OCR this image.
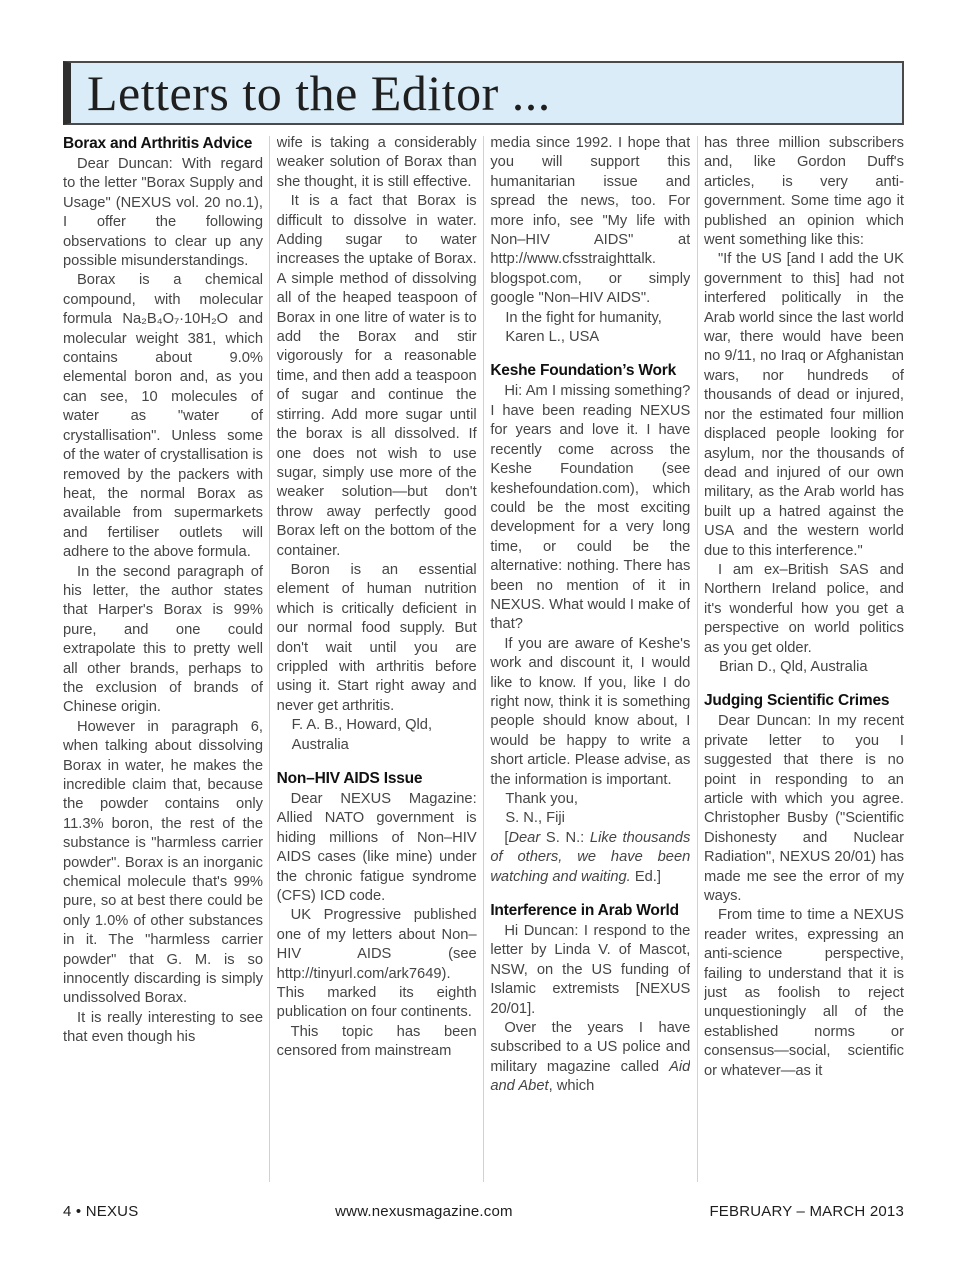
Letters to the Editor ...
Borax and Arthritis Advice

Dear Duncan: With regard to the letter "Borax Supply and Usage" (NEXUS vol. 20 no.1), I offer the following observations to clear up any possible misunderstandings.

Borax is a chemical compound, with molecular formula Na₂B₄O₇·10H₂O and molecular weight 381, which contains about 9.0% elemental boron and, as you can see, 10 molecules of water as "water of crystallisation". Unless some of the water of crystallisation is removed by the packers with heat, the normal Borax as available from supermarkets and fertiliser outlets will adhere to the above formula.

In the second paragraph of his letter, the author states that Harper's Borax is 99% pure, and one could extrapolate this to pretty well all other brands, perhaps to the exclusion of brands of Chinese origin.

However in paragraph 6, when talking about dissolving Borax in water, he makes the incredible claim that, because the powder contains only 11.3% boron, the rest of the substance is "harmless carrier powder". Borax is an inorganic chemical molecule that's 99% pure, so at best there could be only 1.0% of other substances in it. The "harmless carrier powder" that G. M. is so innocently discarding is simply undissolved Borax.

It is really interesting to see that even though his

wife is taking a considerably weaker solution of Borax than she thought, it is still effective.

It is a fact that Borax is difficult to dissolve in water. Adding sugar to water increases the uptake of Borax. A simple method of dissolving all of the heaped teaspoon of Borax in one litre of water is to add the Borax and stir vigorously for a reasonable time, and then add a teaspoon of sugar and continue the stirring. Add more sugar until the borax is all dissolved. If one does not wish to use sugar, simply use more of the weaker solution—but don't throw away perfectly good Borax left on the bottom of the container.

Boron is an essential element of human nutrition which is critically deficient in our normal food supply. But don't wait until you are crippled with arthritis before using it. Start right away and never get arthritis.

F. A. B., Howard, Qld,

Australia

Non–HIV AIDS Issue

Dear NEXUS Magazine: Allied NATO government is hiding millions of Non–HIV AIDS cases (like mine) under the chronic fatigue syndrome (CFS) ICD code.

UK Progressive published one of my letters about Non–HIV AIDS (see http://tinyurl.com/ark7649). This marked its eighth publication on four continents.

This topic has been censored from mainstream

media since 1992. I hope that you will support this humanitarian issue and spread the news, too. For more info, see "My life with Non–HIV AIDS" at http://www.cfsstraighttalk. blogspot.com, or simply google "Non–HIV AIDS".

In the fight for humanity,

Karen L., USA

Keshe Foundation’s Work

Hi: Am I missing something? I have been reading NEXUS for years and love it. I have recently come across the Keshe Foundation (see keshefoundation.com), which could be the most exciting development for a very long time, or could be the alternative: nothing. There has been no mention of it in NEXUS. What would I make of that?

If you are aware of Keshe's work and discount it, I would like to know. If you, like I do right now, think it is something people should know about, I would be happy to write a short article. Please advise, as the information is important.

Thank you,

S. N., Fiji

[Dear S. N.: Like thousands of others, we have been watching and waiting. Ed.]

Interference in Arab World

Hi Duncan: I respond to the letter by Linda V. of Mascot, NSW, on the US funding of Islamic extremists [NEXUS 20/01].

Over the years I have subscribed to a US police and military magazine called Aid and Abet, which

has three million subscribers and, like Gordon Duff's articles, is very anti-government. Some time ago it published an opinion which went something like this:

"If the US [and I add the UK government to this] had not interfered politically in the Arab world since the last world war, there would have been no 9/11, no Iraq or Afghanistan wars, nor hundreds of thousands of dead or injured, nor the estimated four million displaced people looking for asylum, nor the thousands of dead and injured of our own military, as the Arab world has built up a hatred against the USA and the western world due to this interference."

I am ex–British SAS and Northern Ireland police, and it's wonderful how you get a perspective on world politics as you get older.

Brian D., Qld, Australia

Judging Scientific Crimes

Dear Duncan: In my recent private letter to you I suggested that there is no point in responding to an article with which you agree. Christopher Busby ("Scientific Dishonesty and Nuclear Radiation", NEXUS 20/01) has made me see the error of my ways.

From time to time a NEXUS reader writes, expressing an anti-science perspective, failing to understand that it is just as foolish to reject unquestioningly all of the established norms or consensus—social, scientific or whatever—as it

4 • NEXUS	www.nexusmagazine.com	FEBRUARY – MARCH 2013
